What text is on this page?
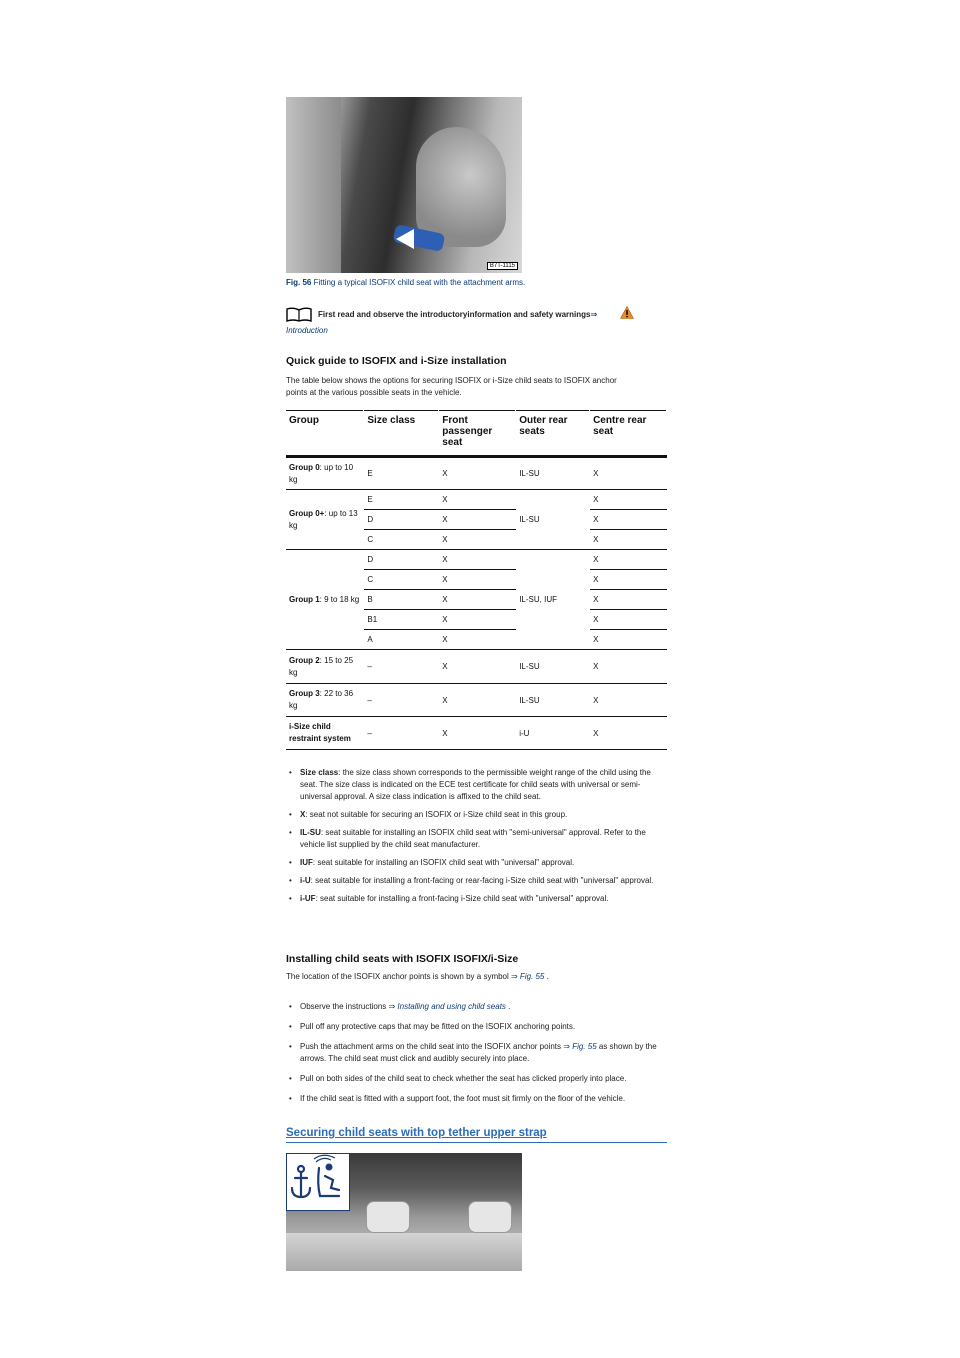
B7T-1115
Fig. 56 Fitting a typical ISOFIX child seat with the attachment arms.
First read and observe the introductoryinformation and safety warnings⇒
Introduction
Quick guide to ISOFIX and i-Size installation

The table below shows the options for securing ISOFIX or i-Size child seats to ISOFIX anchor
points at the various possible seats in the vehicle.

Group	Size class	Front passenger seat	Outer rear seats	Centre rear seat
Group 0: up to 10 kg	E	X	IL-SU	X
Group 0+: up to 13 kg	E	X	IL-SU	X
	D	X		X
	C	X		X
Group 1: 9 to 18 kg	D	X	IL-SU, IUF	X
	C	X		X
	B	X		X
	B1	X		X
	A	X		X
Group 2: 15 to 25 kg	–	X	IL-SU	X
Group 3: 22 to 36 kg	–	X	IL-SU	X
i-Size child restraint system	–	X	i-U	X
• Size class: the size class shown corresponds to the permissible weight range of the child using the seat. The size class is indicated on the ECE test certificate for child seats with universal or semi-universal approval. A size class indication is affixed to the child seat.
• X: seat not suitable for securing an ISOFIX or i-Size child seat in this group.
• IL-SU: seat suitable for installing an ISOFIX child seat with "semi-universal" approval. Refer to the vehicle list supplied by the child seat manufacturer.
• IUF: seat suitable for installing an ISOFIX child seat with "universal" approval.
• i-U: seat suitable for installing a front-facing or rear-facing i-Size child seat with "universal" approval.
• i-UF: seat suitable for installing a front-facing i-Size child seat with "universal" approval.
Installing child seats with ISOFIX ISOFIX/i-Size

The location of the ISOFIX anchor points is shown by a symbol ⇒ Fig. 55 .

• Observe the instructions ⇒ Installing and using child seats .
• Pull off any protective caps that may be fitted on the ISOFIX anchoring points.
• Push the attachment arms on the child seat into the ISOFIX anchor points ⇒ Fig. 55 as shown by the arrows. The child seat must click and audibly securely into place.
• Pull on both sides of the child seat to check whether the seat has clicked properly into place.
• If the child seat is fitted with a support foot, the foot must sit firmly on the floor of the vehicle.
Securing child seats with top tether upper strap
